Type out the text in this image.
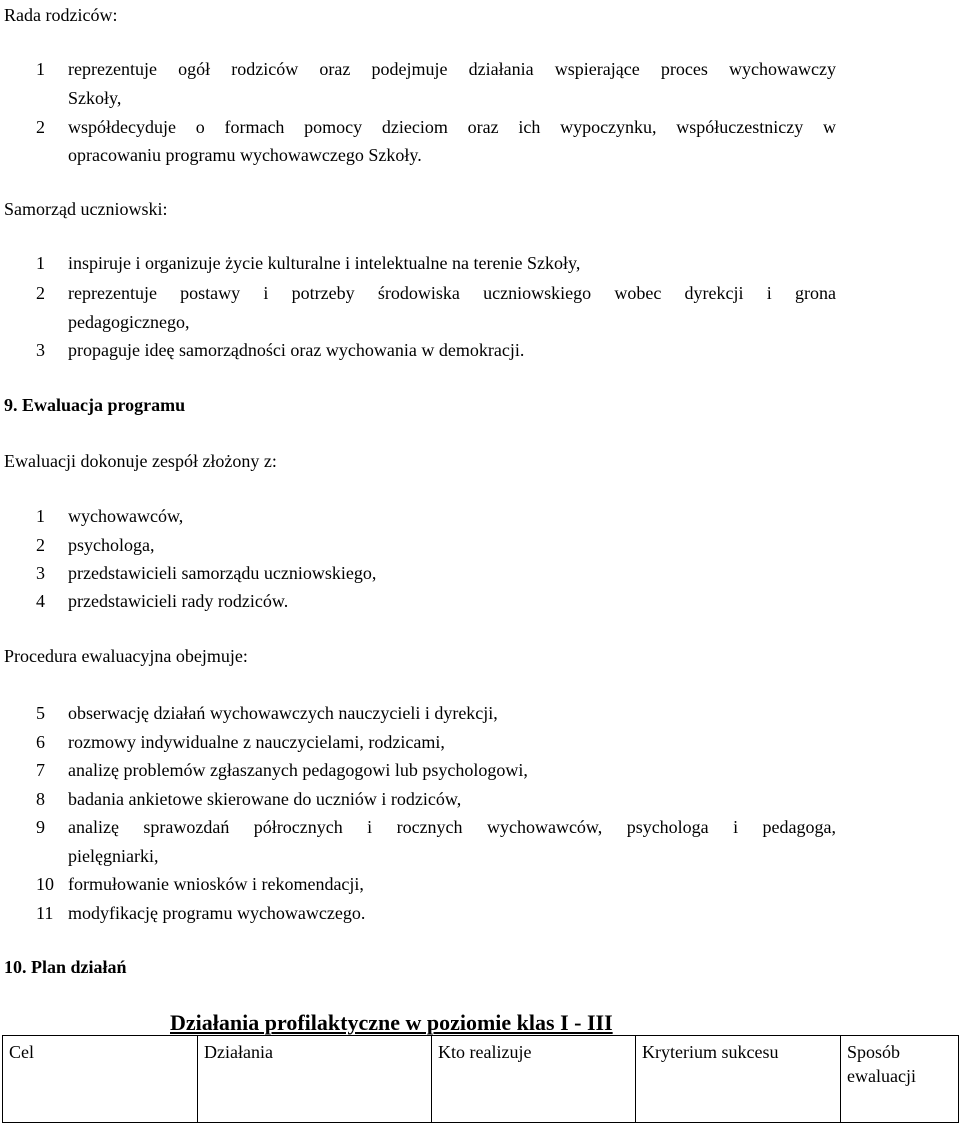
Rada rodziców:
1 reprezentuje ogół rodziców oraz podejmuje działania wspierające proces wychowawczy
Szkoły,
2 współdecyduje o formach pomocy dzieciom oraz ich wypoczynku, współuczestniczy w
opracowaniu programu wychowawczego Szkoły.
Samorząd uczniowski:
1 inspiruje i organizuje życie kulturalne i intelektualne na terenie Szkoły,
2 reprezentuje postawy i potrzeby środowiska uczniowskiego wobec dyrekcji i grona
pedagogicznego,
3 propaguje ideę samorządności oraz wychowania w demokracji.
9. Ewaluacja programu
Ewaluacji dokonuje zespół złożony z:
1 wychowawców,
2 psychologa,
3 przedstawicieli samorządu uczniowskiego,
4 przedstawicieli rady rodziców.
Procedura ewaluacyjna obejmuje:
5 obserwację działań wychowawczych nauczycieli i dyrekcji,
6 rozmowy indywidualne z nauczycielami, rodzicami,
7 analizę problemów zgłaszanych pedagogowi lub psychologowi,
8 badania ankietowe skierowane do uczniów i rodziców,
9 analizę sprawozdań półrocznych i rocznych wychowawców, psychologa i pedagoga,
pielęgniarki,
10 formułowanie wniosków i rekomendacji,
11 modyfikację programu wychowawczego.
10. Plan działań
Działania profilaktyczne w poziomie klas I - III
Cel	Działania	Kto realizuje	Kryterium sukcesu	Sposób ewaluacji
